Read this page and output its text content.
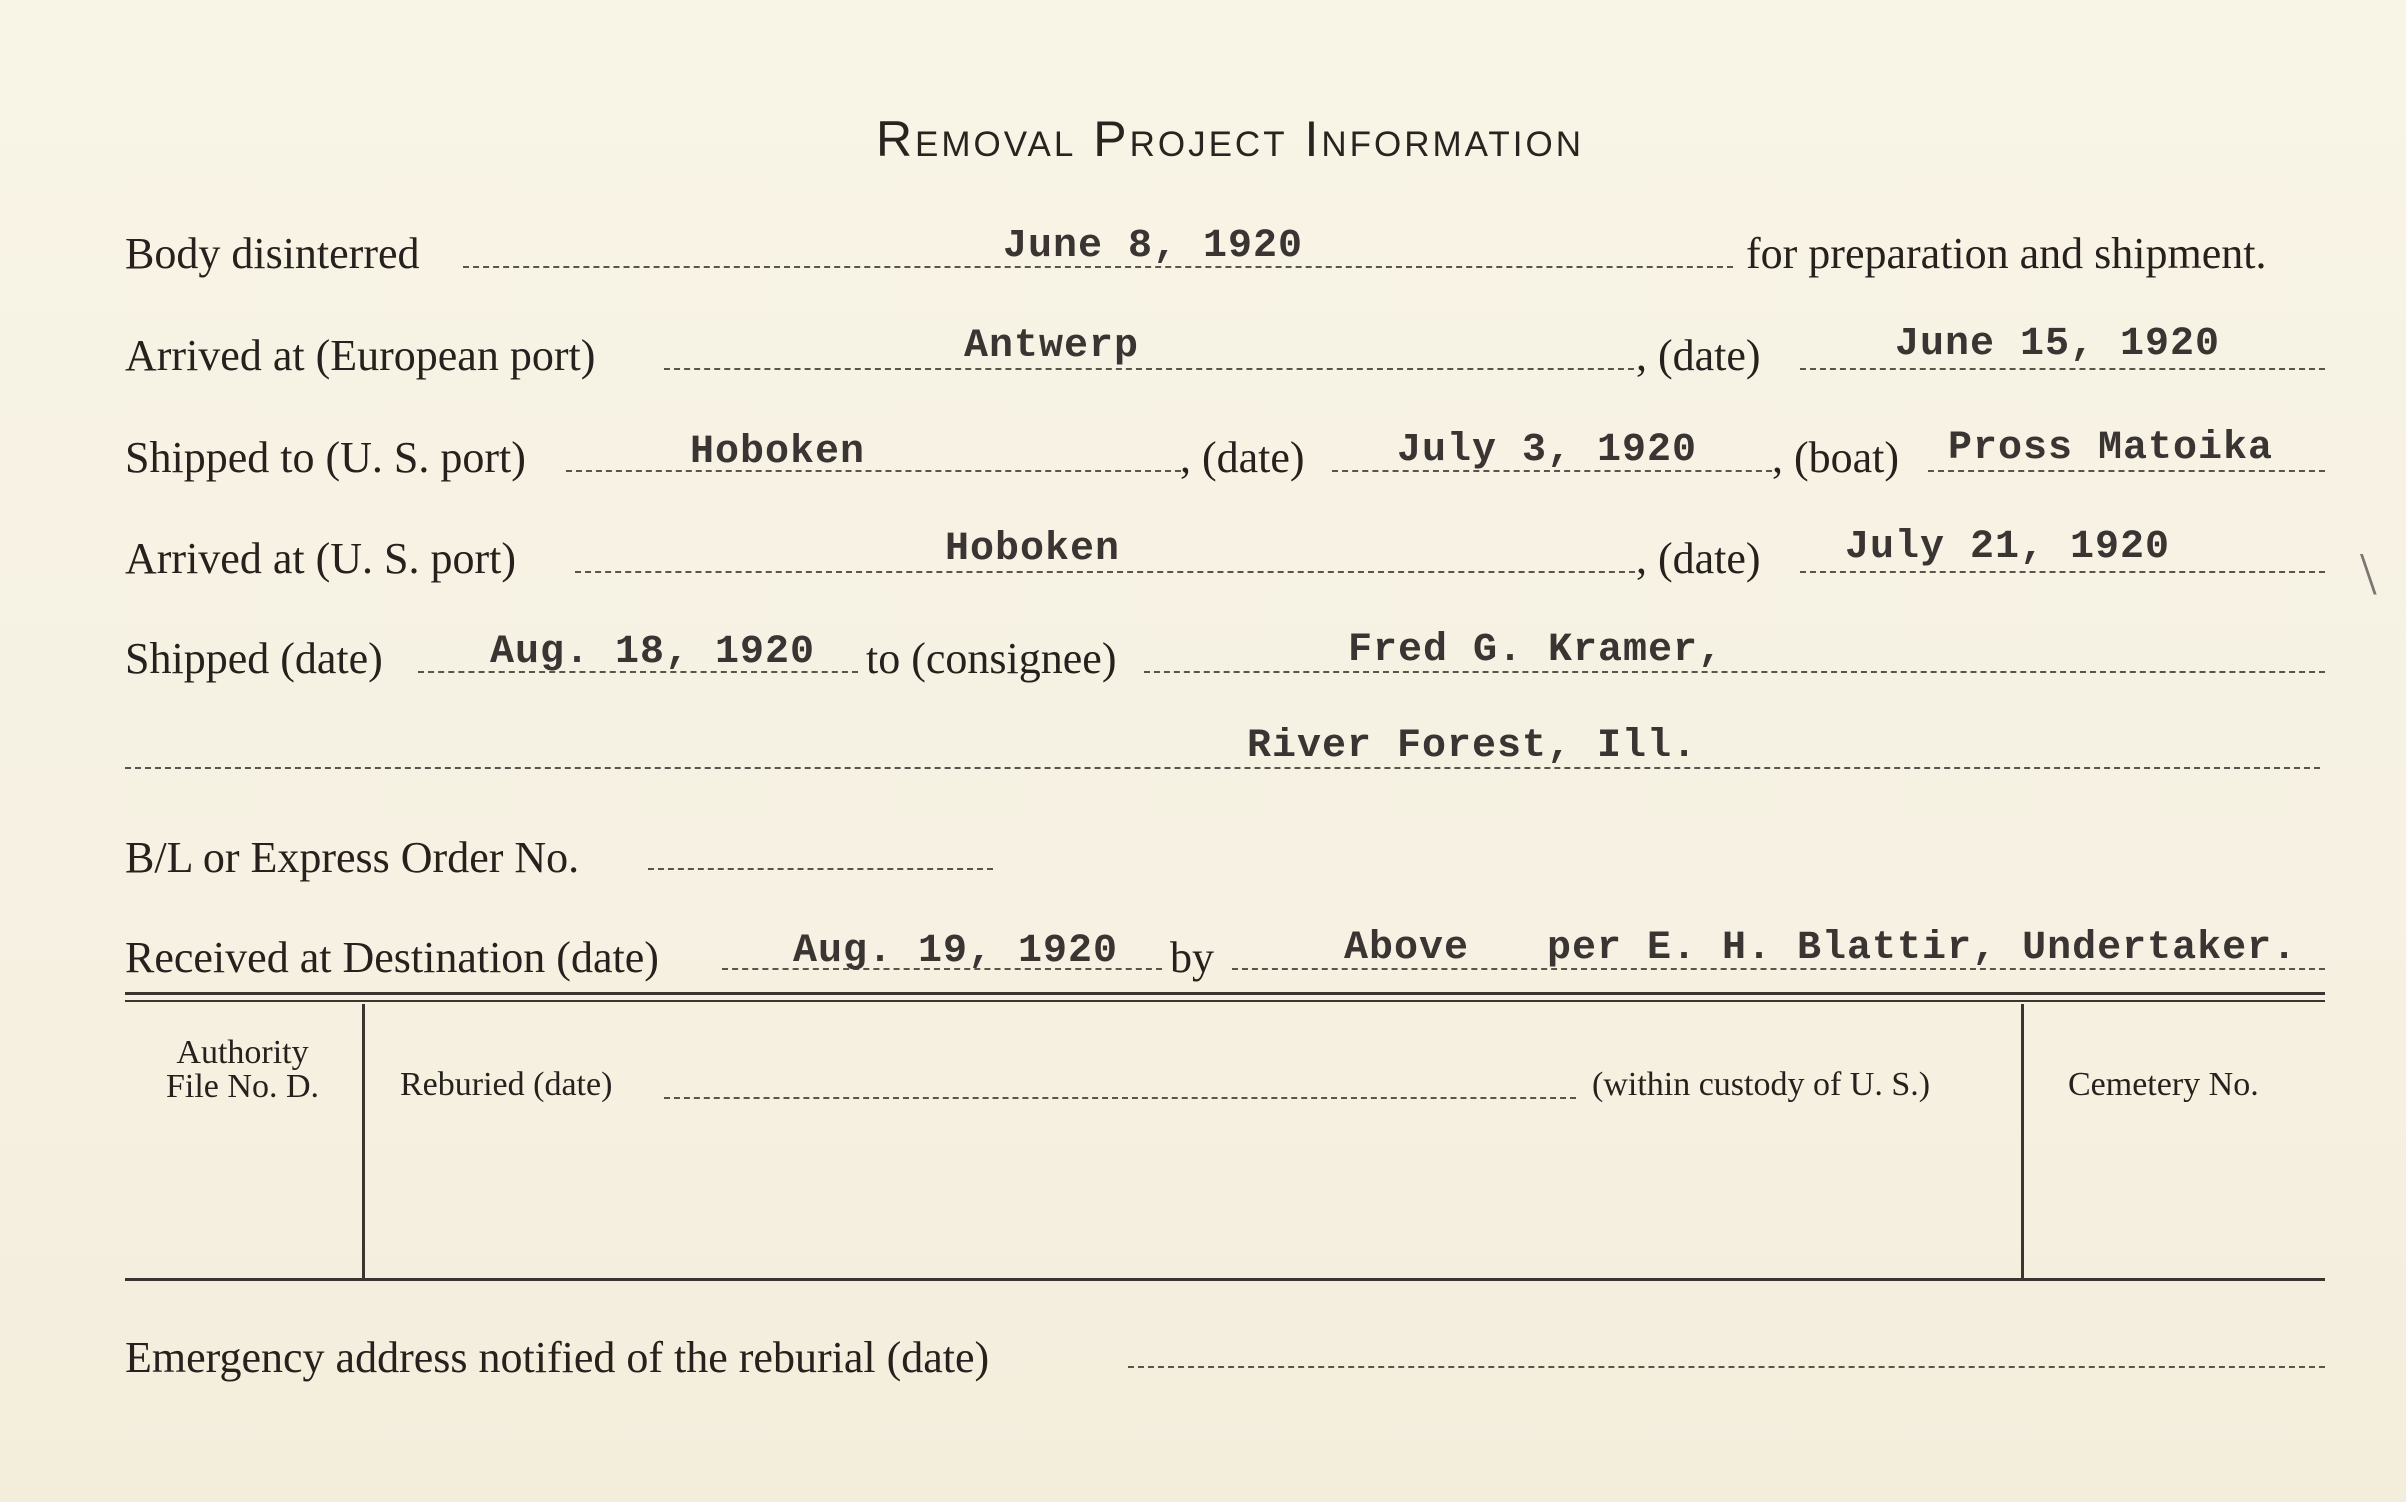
Removal Project Information
Body disinterred	June 8, 1920	for preparation and shipment.
Arrived at (European port)	Antwerp	, (date)	June 15, 1920
Shipped to (U. S. port)	Hoboken	, (date) July 3, 1920 , (boat) Pross Matoika
Arrived at (U. S. port)	Hoboken	, (date) July 21, 1920
Shipped (date)	Aug. 18, 1920 to (consignee)	Fred G. Kramer,
River Forest, Ill.
B/L or Express Order No.
Received at Destination (date)	Aug. 19, 1920 by	Above per E. H. Blattir, Undertaker.
Authority
File No. D.	Reburied (date)	(within custody of U. S.)	Cemetery No.
Emergency address notified of the reburial (date)
\
